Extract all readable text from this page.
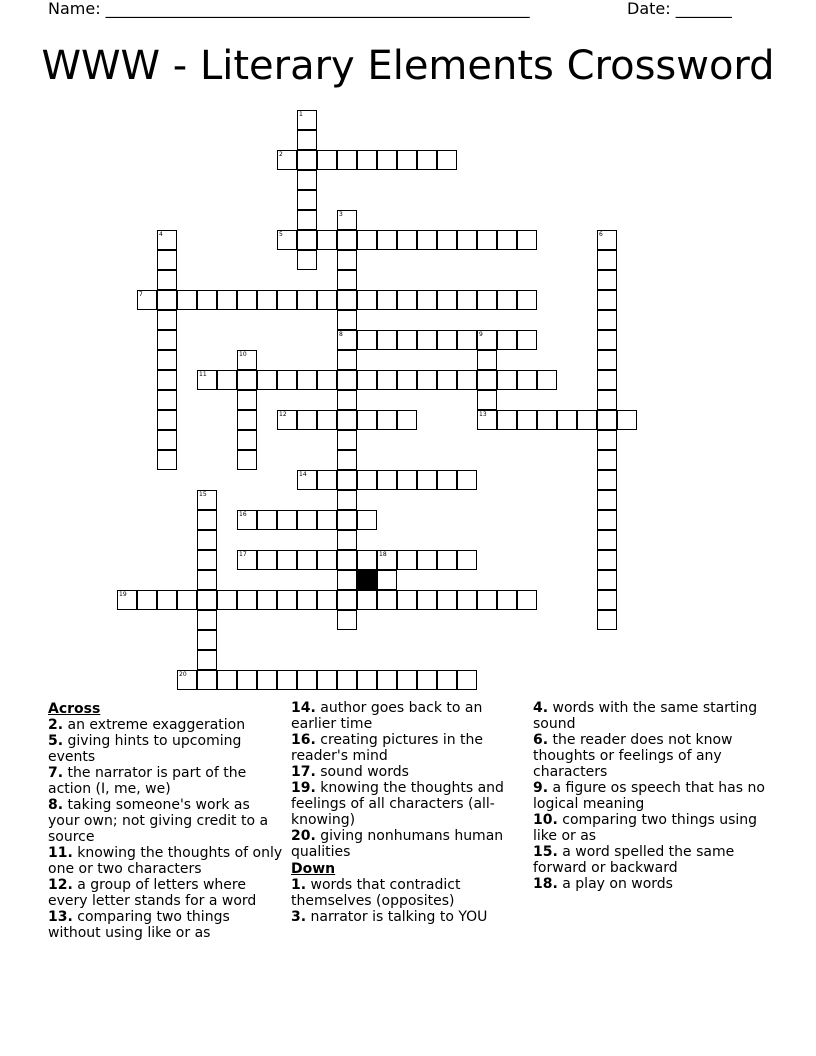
Name: _____________________________________________________	Date: _______
WWW - Literary Elements Crossword
1
2
3
8
4	5	6
7
9
13
10
11
12
14
15
16
17	18
19
20
Across
2. an extreme exaggeration
5. giving hints to upcoming events
7. the narrator is part of the action (I, me, we)
8. taking someone's work as your own; not giving credit to a source
11. knowing the thoughts of only one or two characters
12. a group of letters where every letter stands for a word
13. comparing two things without using like or as
14. author goes back to an earlier time
16. creating pictures in the reader's mind
17. sound words
19. knowing the thoughts and feelings of all characters (all-knowing)
20. giving nonhumans human qualities
Down
1. words that contradict themselves (opposites)
3. narrator is talking to YOU
4. words with the same starting sound
6. the reader does not know thoughts or feelings of any characters
9. a figure os speech that has no logical meaning
10. comparing two things using like or as
15. a word spelled the same forward or backward
18. a play on words
